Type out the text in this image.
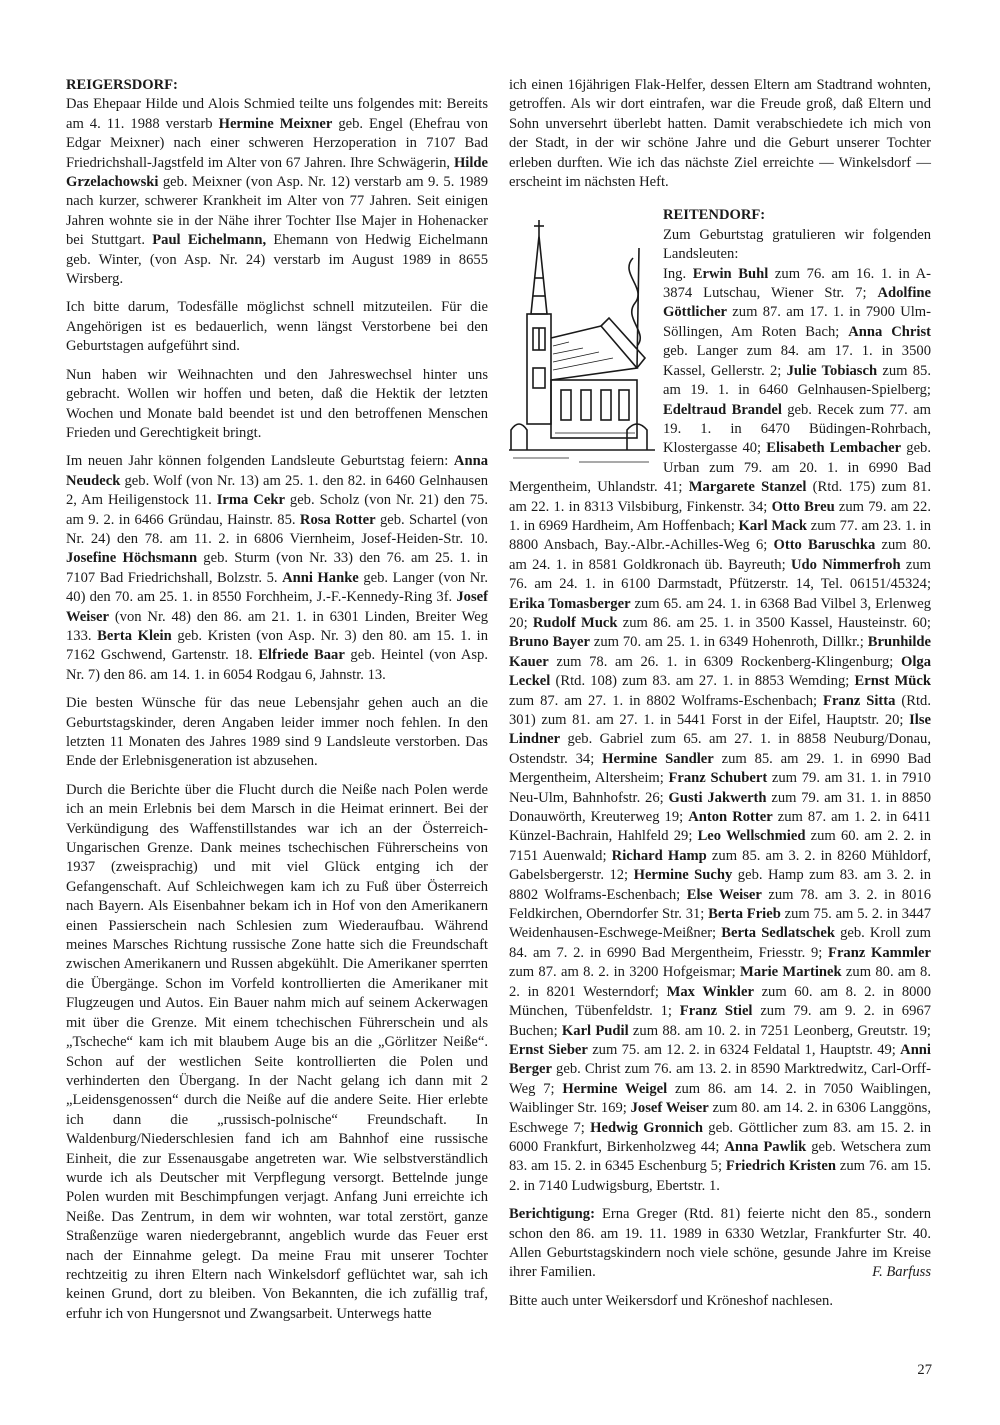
REIGERSDORF:

Das Ehepaar Hilde und Alois Schmied teilte uns folgendes mit: Bereits am 4. 11. 1988 verstarb Hermine Meixner geb. Engel (Ehefrau von Edgar Meixner) nach einer schweren Herzoperation in 7107 Bad Friedrichshall-Jagstfeld im Alter von 67 Jahren. Ihre Schwägerin, Hilde Grzelachowski geb. Meixner (von Asp. Nr. 12) verstarb am 9. 5. 1989 nach kurzer, schwerer Krankheit im Alter von 77 Jahren. Seit einigen Jahren wohnte sie in der Nähe ihrer Tochter Ilse Majer in Hohenacker bei Stuttgart. Paul Eichelmann, Ehemann von Hedwig Eichelmann geb. Winter, (von Asp. Nr. 24) verstarb im August 1989 in 8655 Wirsberg.

Ich bitte darum, Todesfälle möglichst schnell mitzuteilen. Für die Angehörigen ist es bedauerlich, wenn längst Verstorbene bei den Geburtstagen aufgeführt sind.

Nun haben wir Weihnachten und den Jahreswechsel hinter uns gebracht. Wollen wir hoffen und beten, daß die Hektik der letzten Wochen und Monate bald beendet ist und den betroffenen Menschen Frieden und Gerechtigkeit bringt.

Im neuen Jahr können folgenden Landsleute Geburtstag feiern: Anna Neudeck geb. Wolf (von Nr. 13) am 25. 1. den 82. in 6460 Gelnhausen 2, Am Heiligenstock 11. Irma Cekr geb. Scholz (von Nr. 21) den 75. am 9. 2. in 6466 Gründau, Hainstr. 85. Rosa Rotter geb. Schartel (von Nr. 24) den 78. am 11. 2. in 6806 Viernheim, Josef-Heiden-Str. 10. Josefine Höchsmann geb. Sturm (von Nr. 33) den 76. am 25. 1. in 7107 Bad Friedrichshall, Bolzstr. 5. Anni Hanke geb. Langer (von Nr. 40) den 70. am 25. 1. in 8550 Forchheim, J.-F.-Kennedy-Ring 3f. Josef Weiser (von Nr. 48) den 86. am 21. 1. in 6301 Linden, Breiter Weg 133. Berta Klein geb. Kristen (von Asp. Nr. 3) den 80. am 15. 1. in 7162 Gschwend, Gartenstr. 18. Elfriede Baar geb. Heintel (von Asp. Nr. 7) den 86. am 14. 1. in 6054 Rodgau 6, Jahnstr. 13.

Die besten Wünsche für das neue Lebensjahr gehen auch an die Geburtstagskinder, deren Angaben leider immer noch fehlen. In den letzten 11 Monaten des Jahres 1989 sind 9 Landsleute verstorben. Das Ende der Erlebnisgeneration ist abzusehen.

Durch die Berichte über die Flucht durch die Neiße nach Polen werde ich an mein Erlebnis bei dem Marsch in die Heimat erinnert. Bei der Verkündigung des Waffenstillstandes war ich an der Österreich-Ungarischen Grenze. Dank meines tschechischen Führerscheins von 1937 (zweisprachig) und mit viel Glück entging ich der Gefangenschaft. Auf Schleichwegen kam ich zu Fuß über Österreich nach Bayern. Als Eisenbahner bekam ich in Hof von den Amerikanern einen Passierschein nach Schlesien zum Wiederaufbau. Während meines Marsches Richtung russische Zone hatte sich die Freundschaft zwischen Amerikanern und Russen abgekühlt. Die Amerikaner sperrten die Übergänge. Schon im Vorfeld kontrollierten die Amerikaner mit Flugzeugen und Autos. Ein Bauer nahm mich auf seinem Ackerwagen mit über die Grenze. Mit einem tchechischen Führerschein und als „Tscheche“ kam ich mit blaubem Auge bis an die „Görlitzer Neiße“. Schon auf der westlichen Seite kontrollierten die Polen und verhinderten den Übergang. In der Nacht gelang ich dann mit 2 „Leidensgenossen“ durch die Neiße auf die andere Seite. Hier erlebte ich dann die „russisch-polnische“ Freundschaft. In Waldenburg/Niederschlesien fand ich am Bahnhof eine russische Einheit, die zur Essenausgabe angetreten war. Wie selbstverständlich wurde ich als Deutscher mit Verpflegung versorgt. Bettelnde junge Polen wurden mit Beschimpfungen verjagt. Anfang Juni erreichte ich Neiße. Das Zentrum, in dem wir wohnten, war total zerstört, ganze Straßenzüge waren niedergebrannt, angeblich wurde das Feuer erst nach der Einnahme gelegt. Da meine Frau mit unserer Tochter rechtzeitig zu ihren Eltern nach Winkelsdorf geflüchtet war, sah ich keinen Grund, dort zu bleiben. Von Bekannten, die ich zufällig traf, erfuhr ich von Hungersnot und Zwangsarbeit. Unterwegs hatte

ich einen 16jährigen Flak-Helfer, dessen Eltern am Stadtrand wohnten, getroffen. Als wir dort eintrafen, war die Freude groß, daß Eltern und Sohn unversehrt überlebt hatten. Damit verabschiedete ich mich von der Stadt, in der wir schöne Jahre und die Geburt unserer Tochter erleben durften. Wie ich das nächste Ziel erreichte — Winkelsdorf — erscheint im nächsten Heft.

REITENDORF:

Zum Geburtstag gratulieren wir folgenden Landsleuten:

Ing. Erwin Buhl zum 76. am 16. 1. in A-3874 Lutschau, Wiener Str. 7; Adolfine Göttlicher zum 87. am 17. 1. in 7900 Ulm-Söllingen, Am Roten Bach; Anna Christ geb. Langer zum 84. am 17. 1. in 3500 Kassel, Gellerstr. 2; Julie Tobiasch zum 85. am 19. 1. in 6460 Gelnhausen-Spielberg; Edeltraud Brandel geb. Recek zum 77. am 19. 1. in 6470 Büdingen-Rohrbach, Klostergasse 40; Elisabeth Lembacher geb. Urban zum 79. am 20. 1. in 6990 Bad Mergentheim, Uhlandstr. 41; Margarete Stanzel (Rtd. 175) zum 81. am 22. 1. in 8313 Vilsbiburg, Finkenstr. 34; Otto Breu zum 79. am 22. 1. in 6969 Hardheim, Am Hoffenbach; Karl Mack zum 77. am 23. 1. in 8800 Ansbach, Bay.-Albr.-Achilles-Weg 6; Otto Baruschka zum 80. am 24. 1. in 8581 Goldkronach üb. Bayreuth; Udo Nimmerfroh zum 76. am 24. 1. in 6100 Darmstadt, Pfützerstr. 14, Tel. 06151/45324; Erika Tomasberger zum 65. am 24. 1. in 6368 Bad Vilbel 3, Erlenweg 20; Rudolf Muck zum 86. am 25. 1. in 3500 Kassel, Hausteinstr. 60; Bruno Bayer zum 70. am 25. 1. in 6349 Hohenroth, Dillkr.; Brunhilde Kauer zum 78. am 26. 1. in 6309 Rockenberg-Klingenburg; Olga Leckel (Rtd. 108) zum 83. am 27. 1. in 8853 Wemding; Ernst Mück zum 87. am 27. 1. in 8802 Wolframs-Eschenbach; Franz Sitta (Rtd. 301) zum 81. am 27. 1. in 5441 Forst in der Eifel, Hauptstr. 20; Ilse Lindner geb. Gabriel zum 65. am 27. 1. in 8858 Neuburg/Donau, Ostendstr. 34; Hermine Sandler zum 85. am 29. 1. in 6990 Bad Mergentheim, Altersheim; Franz Schubert zum 79. am 31. 1. in 7910 Neu-Ulm, Bahnhofstr. 26; Gusti Jakwerth zum 79. am 31. 1. in 8850 Donauwörth, Kreuterweg 19; Anton Rotter zum 87. am 1. 2. in 6411 Künzel-Bachrain, Hahlfeld 29; Leo Wellschmied zum 60. am 2. 2. in 7151 Auenwald; Richard Hamp zum 85. am 3. 2. in 8260 Mühldorf, Gabelsbergerstr. 12; Hermine Suchy geb. Hamp zum 83. am 3. 2. in 8802 Wolframs-Eschenbach; Else Weiser zum 78. am 3. 2. in 8016 Feldkirchen, Oberndorfer Str. 31; Berta Frieb zum 75. am 5. 2. in 3447 Weidenhausen-Eschwege-Meißner; Berta Sedlatschek geb. Kroll zum 84. am 7. 2. in 6990 Bad Mergentheim, Friesstr. 9; Franz Kammler zum 87. am 8. 2. in 3200 Hofgeismar; Marie Martinek zum 80. am 8. 2. in 8201 Westerndorf; Max Winkler zum 60. am 8. 2. in 8000 München, Tübenfeldstr. 1; Franz Stiel zum 79. am 9. 2. in 6967 Buchen; Karl Pudil zum 88. am 10. 2. in 7251 Leonberg, Greutstr. 19; Ernst Sieber zum 75. am 12. 2. in 6324 Feldatal 1, Hauptstr. 49; Anni Berger geb. Christ zum 76. am 13. 2. in 8590 Marktredwitz, Carl-Orff-Weg 7; Hermine Weigel zum 86. am 14. 2. in 7050 Waiblingen, Waiblinger Str. 169; Josef Weiser zum 80. am 14. 2. in 6306 Langgöns, Eschwege 7; Hedwig Gronnich geb. Göttlicher zum 83. am 15. 2. in 6000 Frankfurt, Birkenholzweg 44; Anna Pawlik geb. Wetschera zum 83. am 15. 2. in 6345 Eschenburg 5; Friedrich Kristen zum 76. am 15. 2. in 7140 Ludwigsburg, Ebertstr. 1.

Berichtigung: Erna Greger (Rtd. 81) feierte nicht den 85., sondern schon den 86. am 19. 11. 1989 in 6330 Wetzlar, Frankfurter Str. 40. Allen Geburtstagskindern noch viele schöne, gesunde Jahre im Kreise ihrer Familien.	F. Barfuss

Bitte auch unter Weikersdorf und Kröneshof nachlesen.

27
